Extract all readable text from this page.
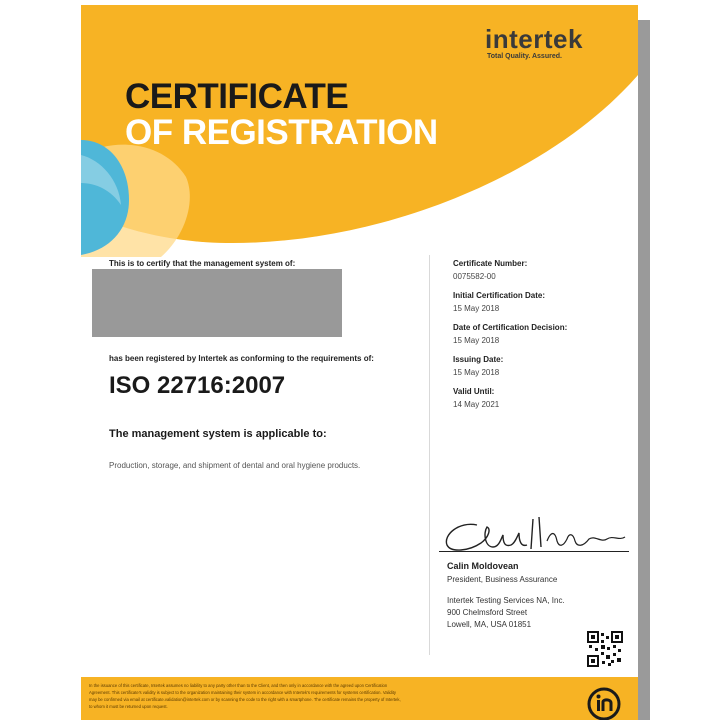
intertek
Total Quality. Assured.
CERTIFICATE
OF REGISTRATION
This is to certify that the management system of:
has been registered by Intertek as conforming to the requirements of:
ISO 22716:2007
The management system is applicable to:
Production, storage, and shipment of dental and oral hygiene products.
Certificate Number:
0075582-00
Initial Certification Date:
15 May 2018
Date of Certification Decision:
15 May 2018
Issuing Date:
15 May 2018
Valid Until:
14 May 2021
Calin Moldovean
President, Business Assurance
Intertek Testing Services NA, Inc.
900 Chelmsford Street
Lowell, MA, USA 01851
In the issuance of this certificate, Intertek assumes no liability to any party other than to the Client, and then only in accordance with the agreed upon Certification
Agreement. This certificate's validity is subject to the organization maintaining their system in accordance with Intertek's requirements for systems certification. Validity
may be confirmed via email at certificate.validation@intertek.com or by scanning the code to the right with a smartphone. The certificate remains the property of Intertek,
to whom it must be returned upon request.
